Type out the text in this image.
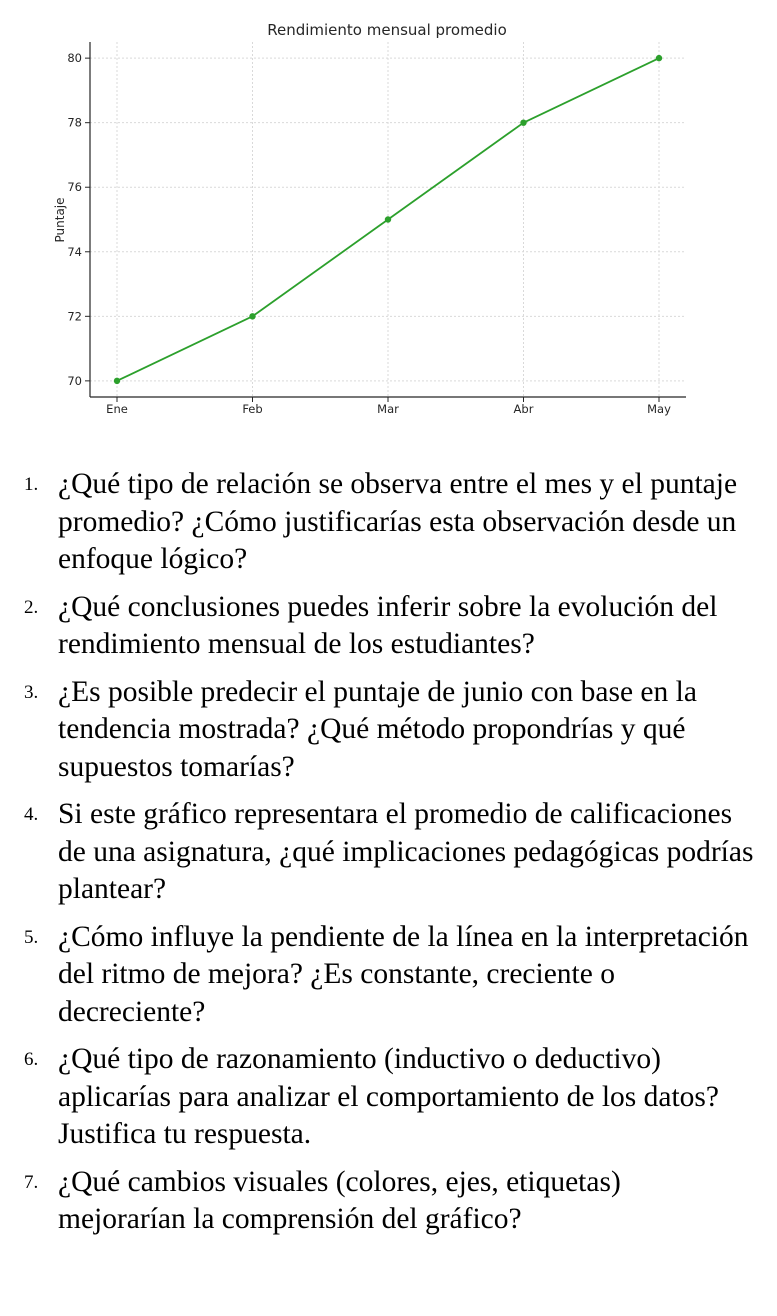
70
72
74
76
78
80
Ene	Feb	Mar	Abr	May
Rendimiento mensual promedio
Puntaje
1. ¿Qué tipo de relación se observa entre el mes y el puntaje promedio? ¿Cómo justificarías esta observación desde un enfoque lógico?
2. ¿Qué conclusiones puedes inferir sobre la evolución del rendimiento mensual de los estudiantes?
3. ¿Es posible predecir el puntaje de junio con base en la tendencia mostrada? ¿Qué método propondrías y qué supuestos tomarías?
4. Si este gráfico representara el promedio de calificaciones de una asignatura, ¿qué implicaciones pedagógicas podrías plantear?
5. ¿Cómo influye la pendiente de la línea en la interpretación del ritmo de mejora? ¿Es constante, creciente o decreciente?
6. ¿Qué tipo de razonamiento (inductivo o deductivo) aplicarías para analizar el comportamiento de los datos? Justifica tu respuesta.
7. ¿Qué cambios visuales (colores, ejes, etiquetas) mejorarían la comprensión del gráfico?
